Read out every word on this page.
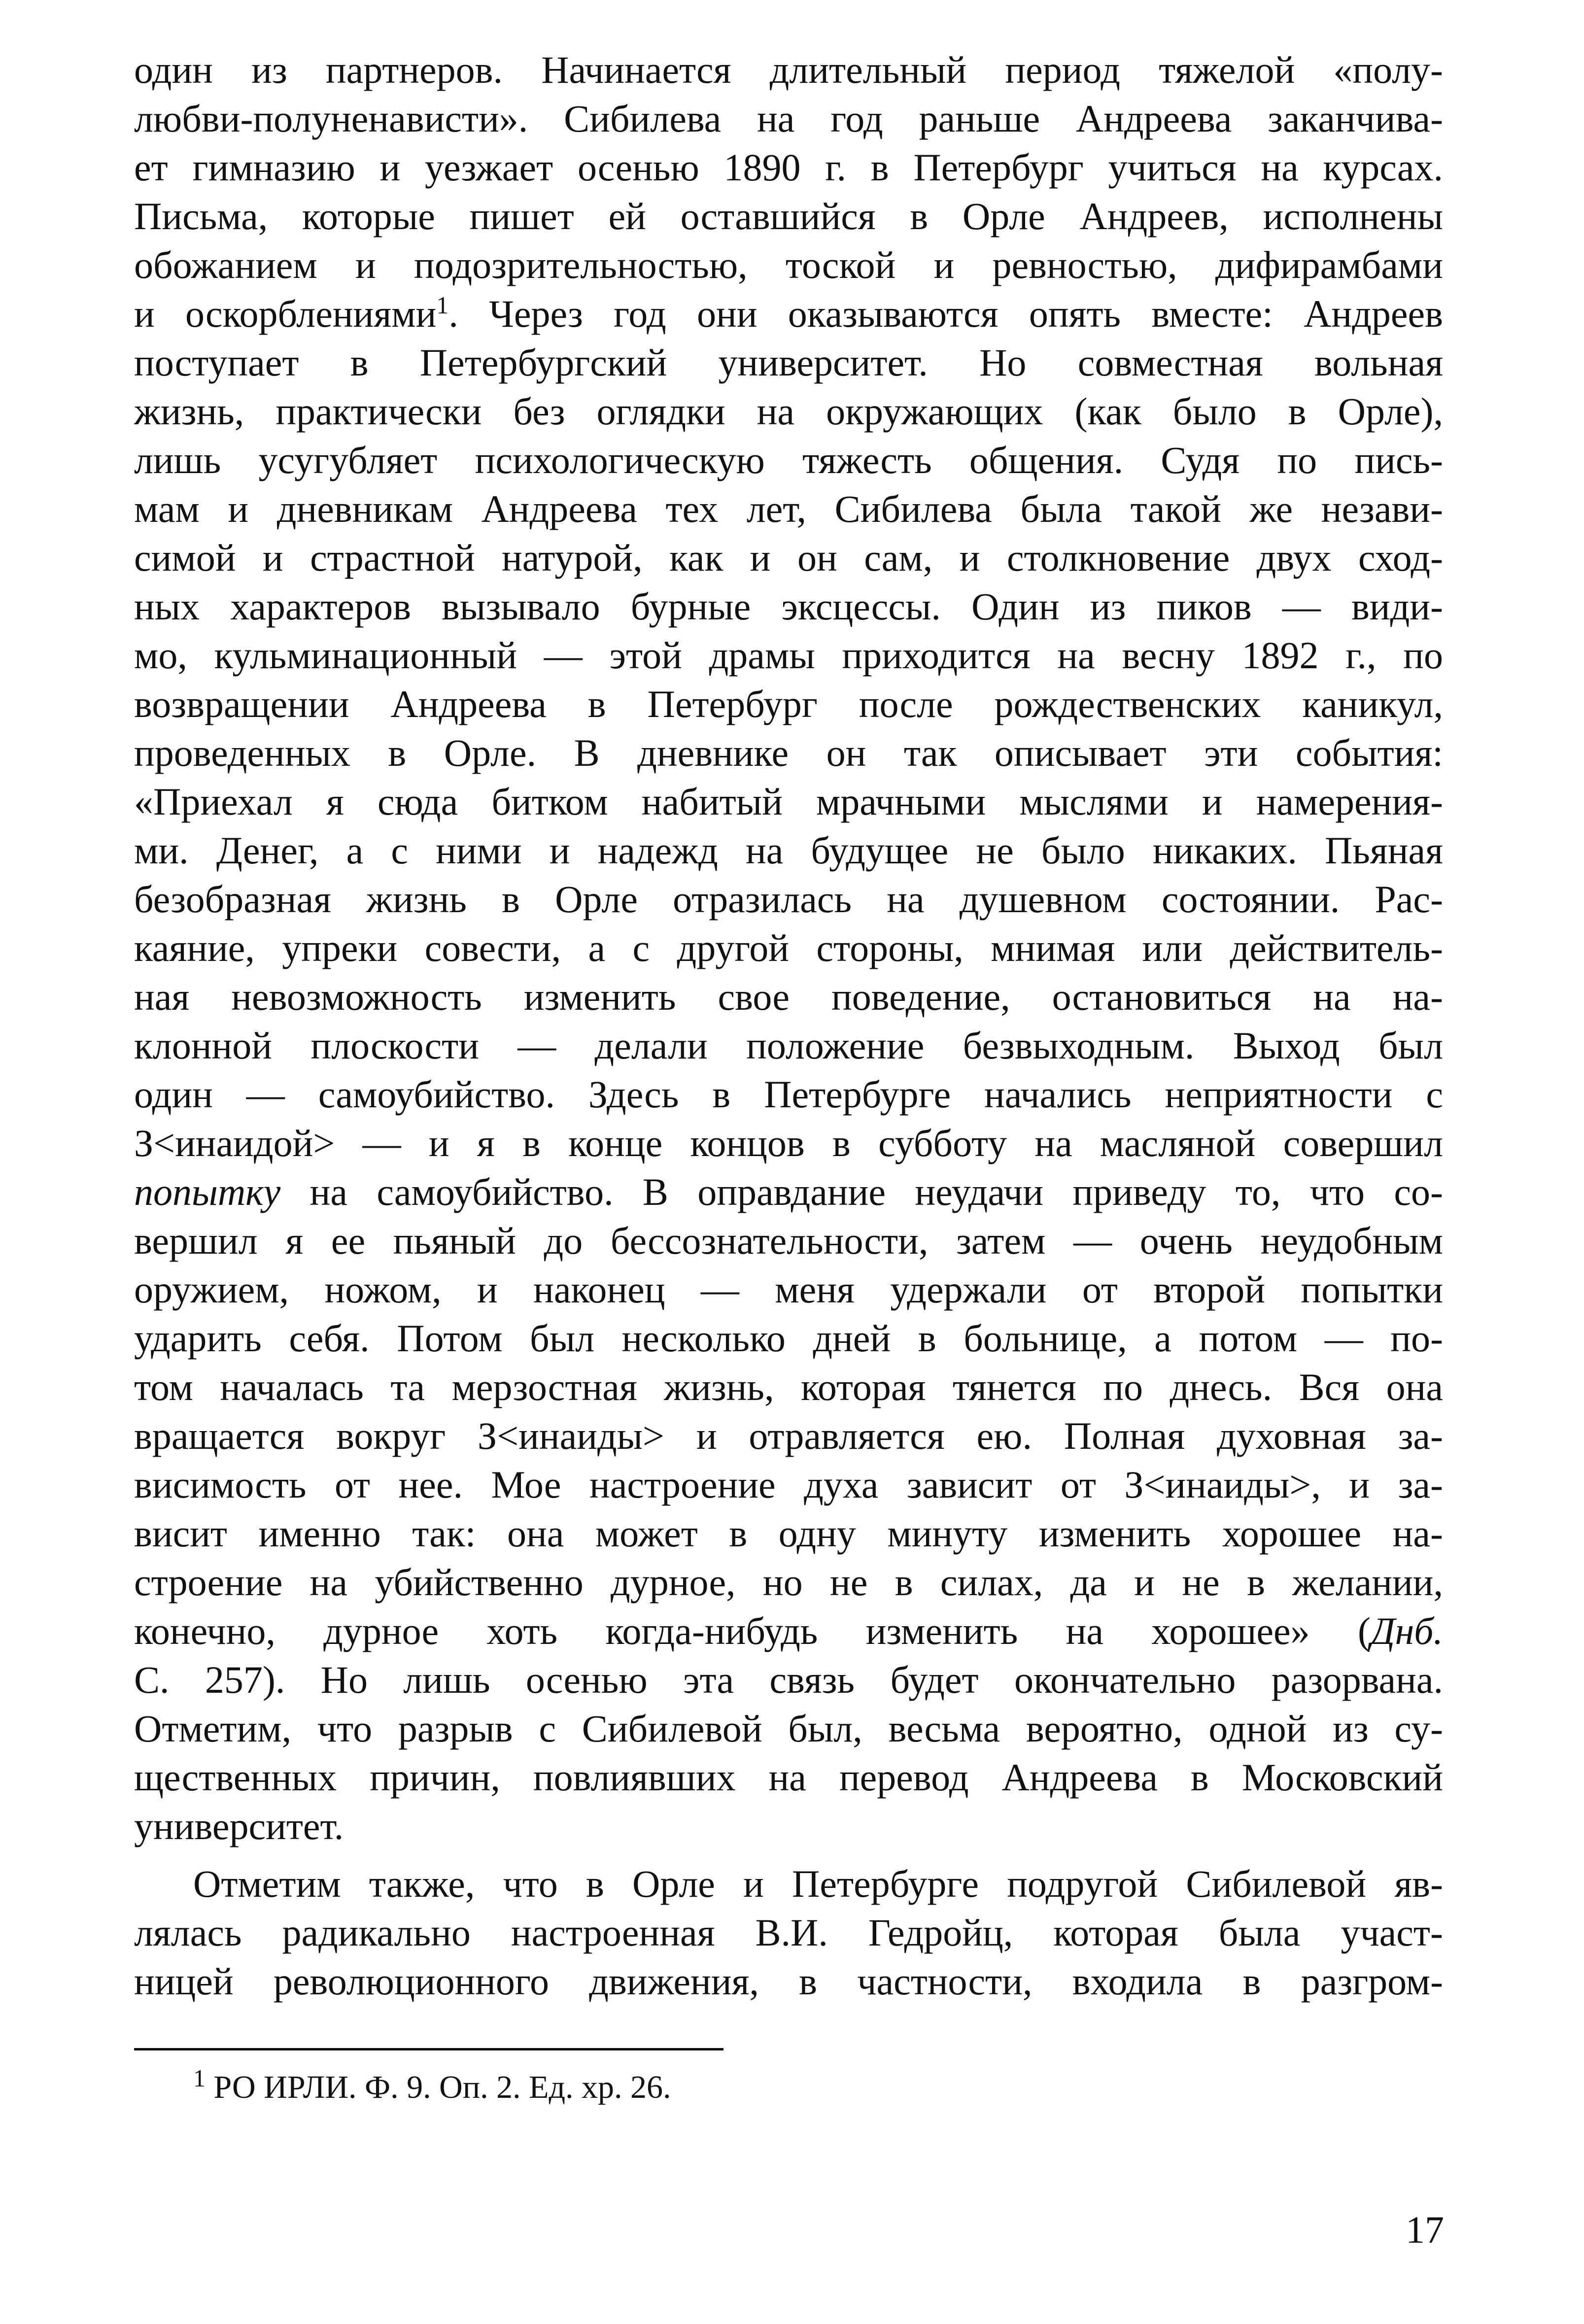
один из партнеров. Начинается длительный период тяжелой «полу-
любви-полуненависти». Сибилева на год раньше Андреева заканчива-
ет гимназию и уезжает осенью 1890 г. в Петербург учиться на курсах.
Письма, которые пишет ей оставшийся в Орле Андреев, исполнены
обожанием и подозрительностью, тоской и ревностью, дифирамбами
и оскорблениями$^1$. Через год они оказываются опять вместе: Андреев
поступает в Петербургский университет. Но совместная вольная
жизнь, практически без оглядки на окружающих (как было в Орле),
лишь усугубляет психологическую тяжесть общения. Судя по пись-
мам и дневникам Андреева тех лет, Сибилева была такой же незави-
симой и страстной натурой, как и он сам, и столкновение двух сход-
ных характеров вызывало бурные эксцессы. Один из пиков — види-
мо, кульминационный — этой драмы приходится на весну 1892 г., по
возвращении Андреева в Петербург после рождественских каникул,
проведенных в Орле. В дневнике он так описывает эти события:
«Приехал я сюда битком набитый мрачными мыслями и намерения-
ми. Денег, а с ними и надежд на будущее не было никаких. Пьяная
безобразная жизнь в Орле отразилась на душевном состоянии. Рас-
каяние, упреки совести, а с другой стороны, мнимая или действитель-
ная невозможность изменить свое поведение, остановиться на на-
клонной плоскости — делали положение безвыходным. Выход был
один — самоубийство. Здесь в Петербурге начались неприятности с
З<инаидой> — и я в конце концов в субботу на масляной совершил
попытку на самоубийство. В оправдание неудачи приведу то, что со-
вершил я ее пьяный до бессознательности, затем — очень неудобным
оружием, ножом, и наконец — меня удержали от второй попытки
ударить себя. Потом был несколько дней в больнице, а потом — по-
том началась та мерзостная жизнь, которая тянется по днесь. Вся она
вращается вокруг З<инаиды> и отравляется ею. Полная духовная за-
висимость от нее. Мое настроение духа зависит от З<инаиды>, и за-
висит именно так: она может в одну минуту изменить хорошее на-
строение на убийственно дурное, но не в силах, да и не в желании,
конечно, дурное хоть когда-нибудь изменить на хорошее» (Днб.
С. 257). Но лишь осенью эта связь будет окончательно разорвана.
Отметим, что разрыв с Сибилевой был, весьма вероятно, одной из су-
щественных причин, повлиявших на перевод Андреева в Московский
университет.
Отметим также, что в Орле и Петербурге подругой Сибилевой яв-
лялась радикально настроенная В.И. Гедройц, которая была участ-
ницей революционного движения, в частности, входила в разгром-
$^1$ РО ИРЛИ. Ф. 9. Оп. 2. Ед. хр. 26.
17
